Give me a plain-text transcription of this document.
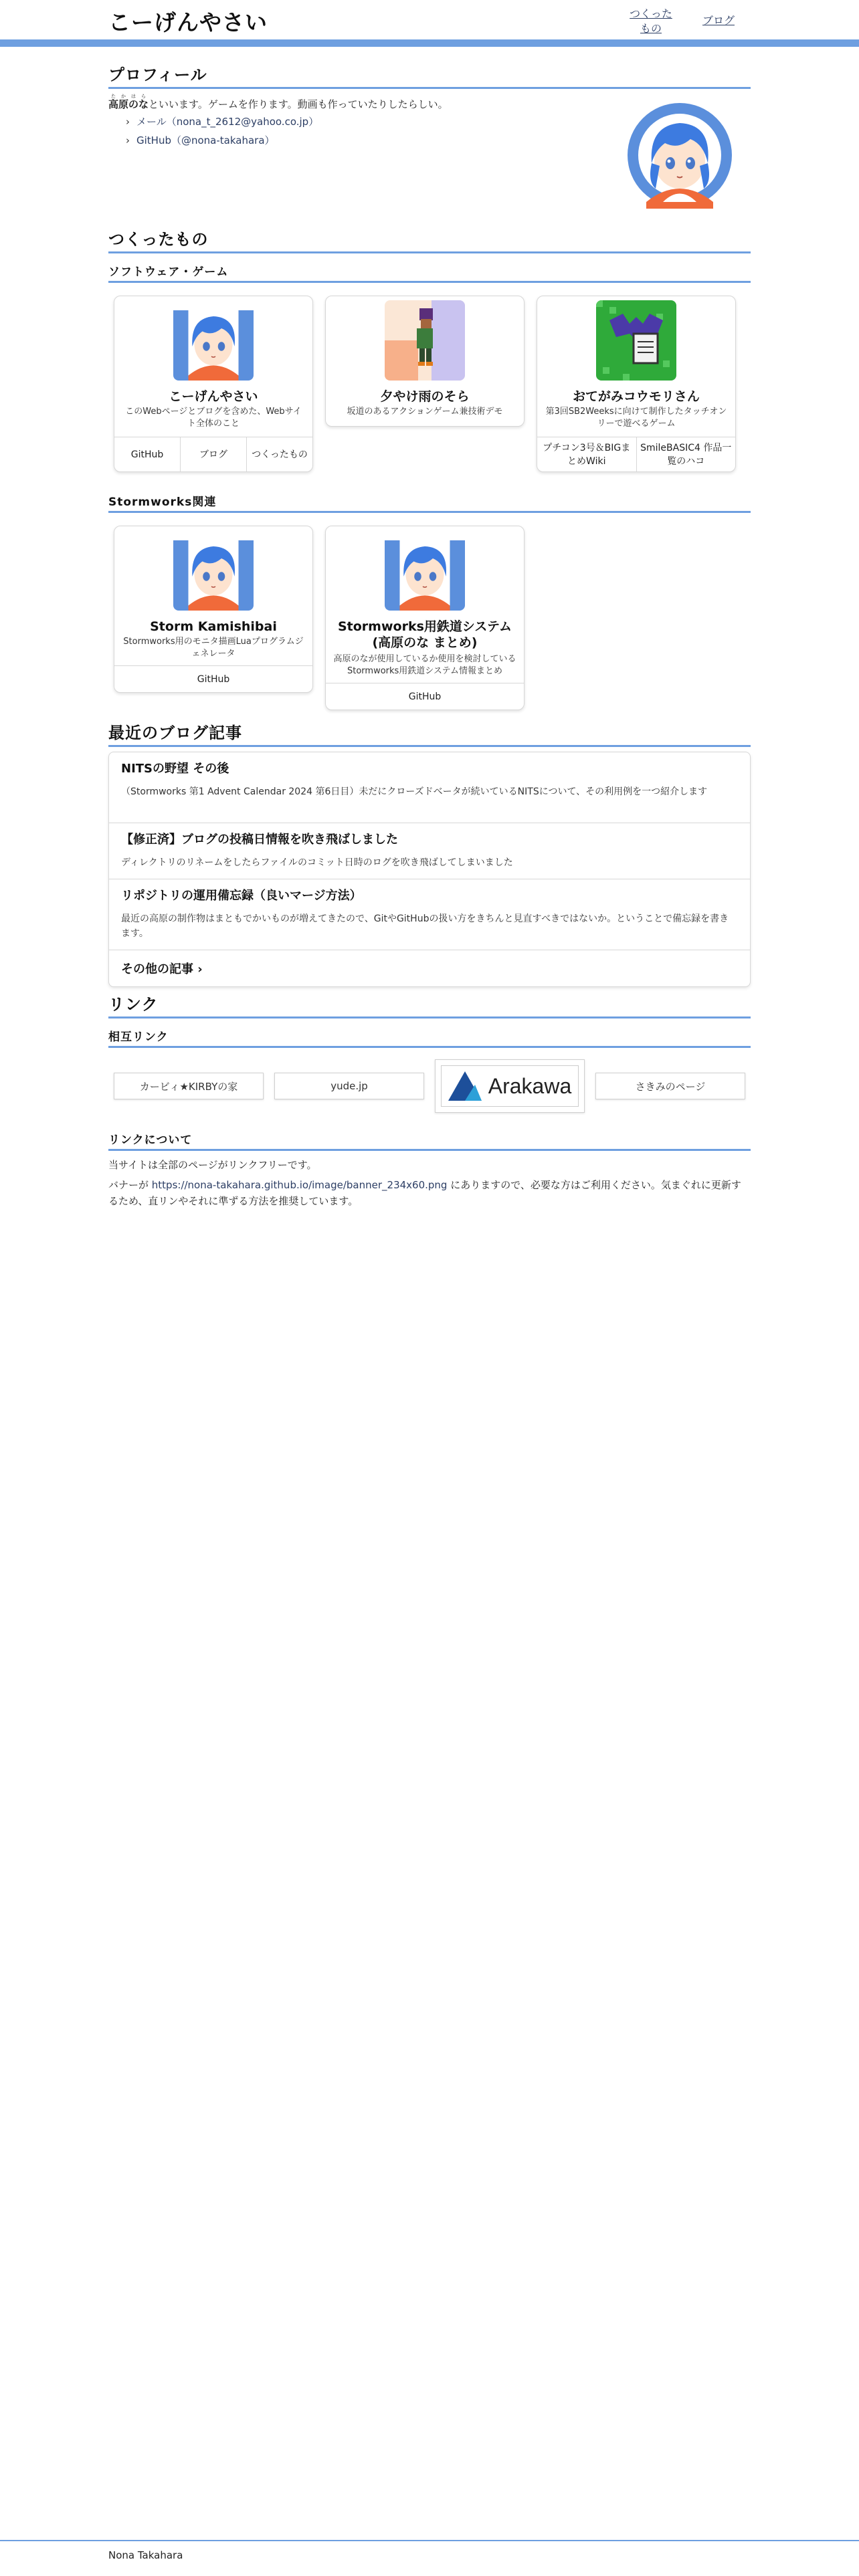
こーげんやさい	つくった
もの
ブログ
プロフィール
高原のなたかはらといいます。ゲームを作ります。動画も作っていたりしたらしい。
› メール（nona_t_2612@yahoo.co.jp）
› GitHub（@nona-takahara）
つくったもの
ソフトウェア・ゲーム
こーげんやさい
このWebページとブログを含めた、Webサイト全体のこと
GitHub	ブログ	つくったもの
夕やけ雨のそら
坂道のあるアクションゲーム兼技術デモ
おてがみコウモリさん
第3回SB2Weeksに向けて制作したタッチオンリーで遊べるゲーム
プチコン3号＆BIGまとめWiki
SmileBASIC4 作品一覧のハコ
Stormworks関連
Storm Kamishibai
Stormworks用のモニタ描画Luaプログラムジェネレータ
GitHub
Stormworks用鉄道システム(高原のな まとめ)
高原のなが使用しているか使用を検討しているStormworks用鉄道システム情報まとめ
GitHub
最近のブログ記事
NITSの野望 その後
（Stormworks 第1 Advent Calendar 2024 第6日目）未だにクローズドベータが続いているNITSについて、その利用例を一つ紹介します
【修正済】ブログの投稿日情報を吹き飛ばしました
ディレクトリのリネームをしたらファイルのコミット日時のログを吹き飛ばしてしまいました
リポジトリの運用備忘録（良いマージ方法）
最近の高原の制作物はまともでかいものが増えてきたので、GitやGitHubの扱い方をきちんと見直すべきではないか。ということで備忘録を書きます。
その他の記事 ›
リンク
相互リンク
カービィ★KIRBYの家	yude.jp	Arakawa	さきみのページ
リンクについて
当サイトは全部のページがリンクフリーです。
バナーが https://nona-takahara.github.io/image/banner_234x60.png にありますので、必要な方はご利用ください。気まぐれに更新するため、直リンやそれに準ずる方法を推奨しています。
Nona Takahara
